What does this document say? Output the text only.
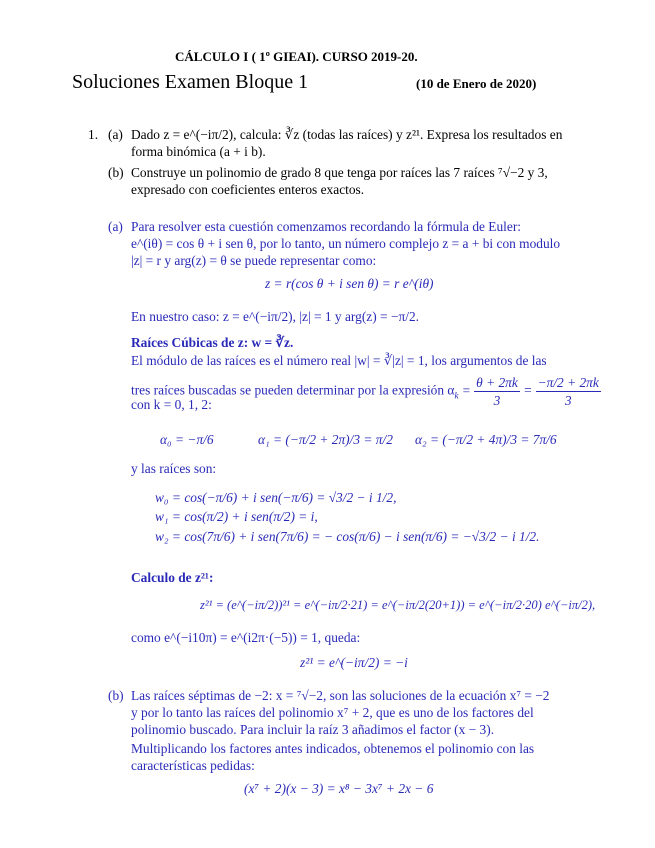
CÁLCULO I ( 1º GIEAI). CURSO 2019-20.
Soluciones Examen Bloque 1	(10 de Enero de 2020)
1. (a) Dado z = e^(−iπ/2), calcula: ∛z (todas las raíces) y z²¹. Expresa los resultados en
forma binómica (a + i b).
(b) Construye un polinomio de grado 8 que tenga por raíces las 7 raíces ⁷√−2 y 3,
expresado con coeficientes enteros exactos.
(a) Para resolver esta cuestión comenzamos recordando la fórmula de Euler:
e^(iθ) = cos θ + i sen θ, por lo tanto, un número complejo z = a + bi con modulo
|z| = r y arg(z) = θ se puede representar como:
z = r(cos θ + i sen θ) = r e^(iθ)
En nuestro caso: z = e^(−iπ/2), |z| = 1 y arg(z) = −π/2.
Raíces Cúbicas de z: w = ∛z.
El módulo de las raíces es el número real |w| = ∛|z| = 1, los argumentos de las
tres raíces buscadas se pueden determinar por la expresión $\alpha_k = \frac{\theta + 2\pi k}{3} = \frac{-\pi/2 + 2\pi k}{3}$
con k = 0, 1, 2:
α₀ = −π/6	α₁ = (−π/2 + 2π)/3 = π/2 α₂ = (−π/2 + 4π)/3 = 7π/6
y las raíces son:
w₀ = cos(−π/6) + i sen(−π/6) = √3/2 − i 1/2,
w₁ = cos(π/2) + i sen(π/2) = i,
w₂ = cos(7π/6) + i sen(7π/6) = − cos(π/6) − i sen(π/6) = −√3/2 − i 1/2.
Calculo de z²¹:
z²¹ = (e^(−iπ/2))²¹ = e^(−iπ/2·21) = e^(−iπ/2(20+1)) = e^(−iπ/2·20) e^(−iπ/2),
como e^(−i10π) = e^(i2π·(−5)) = 1, queda:
z²¹ = e^(−iπ/2) = −i
(b) Las raíces séptimas de −2: x = ⁷√−2, son las soluciones de la ecuación x⁷ = −2
y por lo tanto las raíces del polinomio x⁷ + 2, que es uno de los factores del
polinomio buscado. Para incluir la raíz 3 añadimos el factor (x − 3).
Multiplicando los factores antes indicados, obtenemos el polinomio con las
características pedidas:
(x⁷ + 2)(x − 3) = x⁸ − 3x⁷ + 2x − 6
